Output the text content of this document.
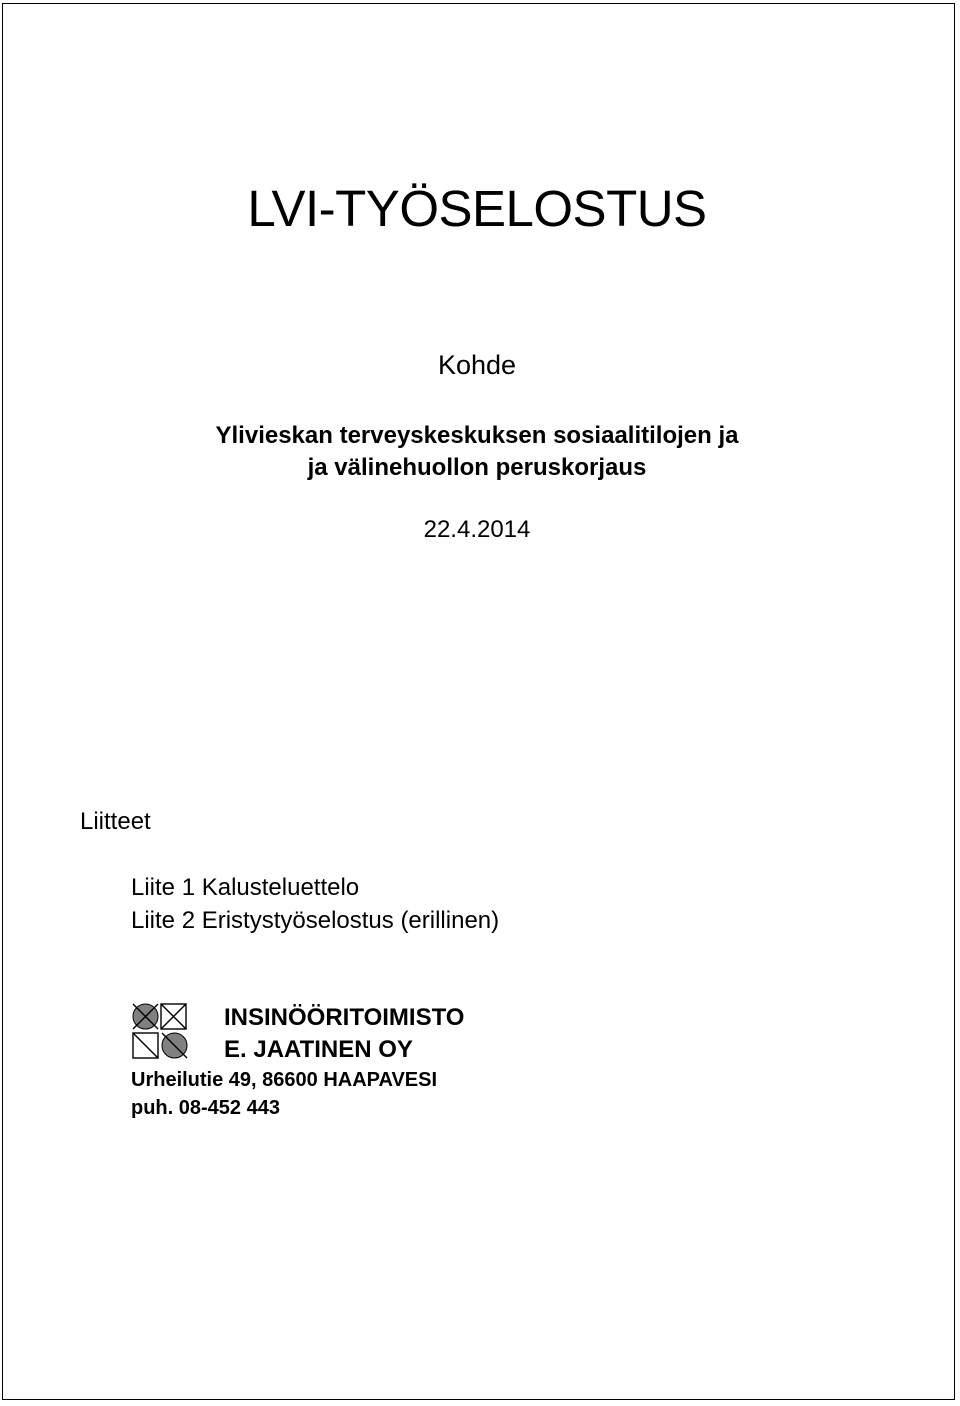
LVI-TYÖSELOSTUS
Kohde
Ylivieskan terveyskeskuksen sosiaalitilojen ja
ja välinehuollon peruskorjaus
22.4.2014
Liitteet
Liite 1 Kalusteluettelo
Liite 2 Eristystyöselostus (erillinen)
INSINÖÖRITOIMISTO
E. JAATINEN OY
Urheilutie 49, 86600 HAAPAVESI
puh. 08-452 443
